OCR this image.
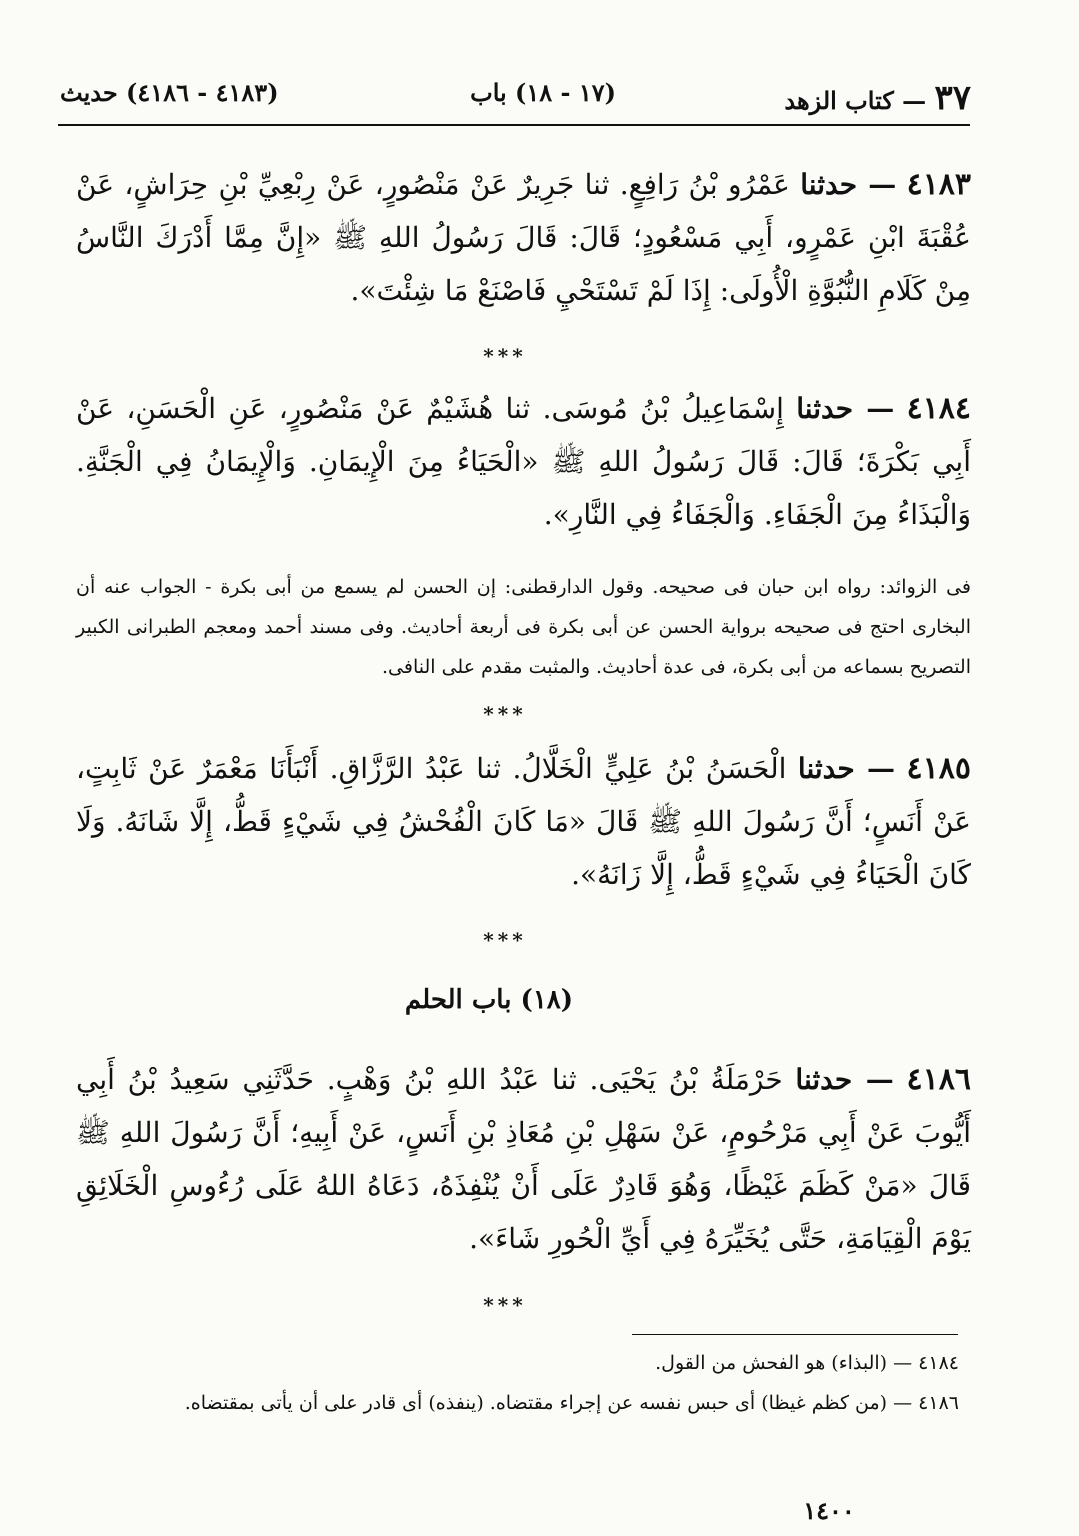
٣٧ — كتاب الزهد
(١٧ - ١٨) باب
(٤١٨٣ - ٤١٨٦) حديث
٤١٨٣ — حدثنا عَمْرُو بْنُ رَافِعٍ. ثنا جَرِيرٌ عَنْ مَنْصُورٍ، عَنْ رِبْعِيِّ بْنِ حِرَاشٍ، عَنْ عُقْبَةَ ابْنِ عَمْرٍو، أَبِي مَسْعُودٍ؛ قَالَ: قَالَ رَسُولُ اللهِ ﷺ «إِنَّ مِمَّا أَدْرَكَ النَّاسُ مِنْ كَلَامِ النُّبُوَّةِ الْأُولَى: إِذَا لَمْ تَسْتَحْيِ فَاصْنَعْ مَا شِئْتَ».
***
٤١٨٤ — حدثنا إِسْمَاعِيلُ بْنُ مُوسَى. ثنا هُشَيْمٌ عَنْ مَنْصُورٍ، عَنِ الْحَسَنِ، عَنْ أَبِي بَكْرَةَ؛ قَالَ: قَالَ رَسُولُ اللهِ ﷺ «الْحَيَاءُ مِنَ الْإِيمَانِ. وَالْإِيمَانُ فِي الْجَنَّةِ. وَالْبَذَاءُ مِنَ الْجَفَاءِ. وَالْجَفَاءُ فِي النَّارِ».
فى الزوائد: رواه ابن حبان فى صحيحه. وقول الدارقطنى: إن الحسن لم يسمع من أبى بكرة - الجواب عنه أن البخارى احتج فى صحيحه برواية الحسن عن أبى بكرة فى أربعة أحاديث. وفى مسند أحمد ومعجم الطبرانى الكبير التصريح بسماعه من أبى بكرة، فى عدة أحاديث. والمثبت مقدم على النافى.
***
٤١٨٥ — حدثنا الْحَسَنُ بْنُ عَلِيٍّ الْخَلَّالُ. ثنا عَبْدُ الرَّزَّاقِ. أَنْبَأَنَا مَعْمَرٌ عَنْ ثَابِتٍ، عَنْ أَنَسٍ؛ أَنَّ رَسُولَ اللهِ ﷺ قَالَ «مَا كَانَ الْفُحْشُ فِي شَيْءٍ قَطُّ، إِلَّا شَانَهُ. وَلَا كَانَ الْحَيَاءُ فِي شَيْءٍ قَطُّ، إِلَّا زَانَهُ».
***
(١٨) باب الحلم
٤١٨٦ — حدثنا حَرْمَلَةُ بْنُ يَحْيَى. ثنا عَبْدُ اللهِ بْنُ وَهْبٍ. حَدَّثَنِي سَعِيدُ بْنُ أَبِي أَيُّوبَ عَنْ أَبِي مَرْحُومٍ، عَنْ سَهْلِ بْنِ مُعَاذِ بْنِ أَنَسٍ، عَنْ أَبِيهِ؛ أَنَّ رَسُولَ اللهِ ﷺ قَالَ «مَنْ كَظَمَ غَيْظًا، وَهُوَ قَادِرٌ عَلَى أَنْ يُنْفِذَهُ، دَعَاهُ اللهُ عَلَى رُءُوسِ الْخَلَائِقِ يَوْمَ الْقِيَامَةِ، حَتَّى يُخَيِّرَهُ فِي أَيِّ الْحُورِ شَاءَ».
***
٤١٨٤ — (البذاء) هو الفحش من القول.
٤١٨٦ — (من كظم غيظا) أى حبس نفسه عن إجراء مقتضاه. (ينفذه) أى قادر على أن يأتى بمقتضاه.
١٤٠٠
